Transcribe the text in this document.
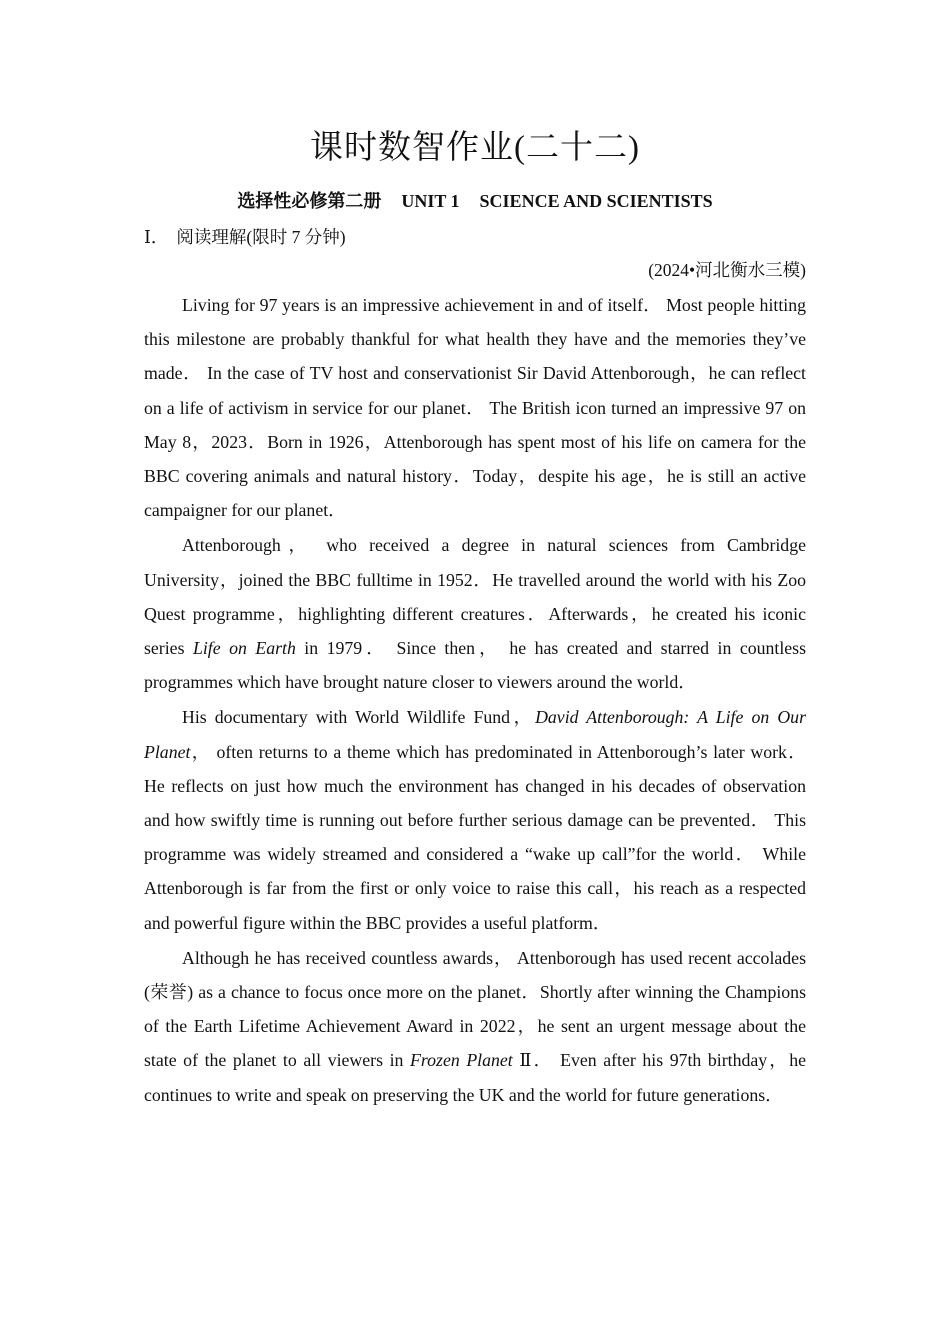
课时数智作业(二十二)
选择性必修第二册 UNIT 1 SCIENCE AND SCIENTISTS
Ⅰ． 阅读理解(限时 7 分钟)
(2024•河北衡水三模)

Living for 97 years is an impressive achievement in and of itself． Most people hitting this milestone are probably thankful for what health they have and the memories they’ve made． In the case of TV host and conservationist Sir David Attenborough，he can reflect on a life of activism in service for our planet． The British icon turned an impressive 97 on May 8，2023．Born in 1926，Attenborough has spent most of his life on camera for the BBC covering animals and natural history．Today，despite his age，he is still an active campaigner for our planet．

Attenborough， who received a degree in natural sciences from Cambridge University，joined the BBC fulltime in 1952．He travelled around the world with his Zoo Quest programme，highlighting different creatures．Afterwards，he created his iconic series Life on Earth in 1979． Since then， he has created and starred in countless programmes which have brought nature closer to viewers around the world．

His documentary with World Wildlife Fund，David Attenborough: A Life on Our Planet， often returns to a theme which has predominated in Attenborough’s later work． He reflects on just how much the environment has changed in his decades of observation and how swiftly time is running out before further serious damage can be prevented． This programme was widely streamed and considered a “wake up call”for the world． While Attenborough is far from the first or only voice to raise this call，his reach as a respected and powerful figure within the BBC provides a useful platform．

Although he has received countless awards， Attenborough has used recent accolades (荣誉) as a chance to focus once more on the planet．Shortly after winning the Champions of the Earth Lifetime Achievement Award in 2022，he sent an urgent message about the state of the planet to all viewers in Frozen Planet Ⅱ． Even after his 97th birthday，he continues to write and speak on preserving the UK and the world for future generations．
